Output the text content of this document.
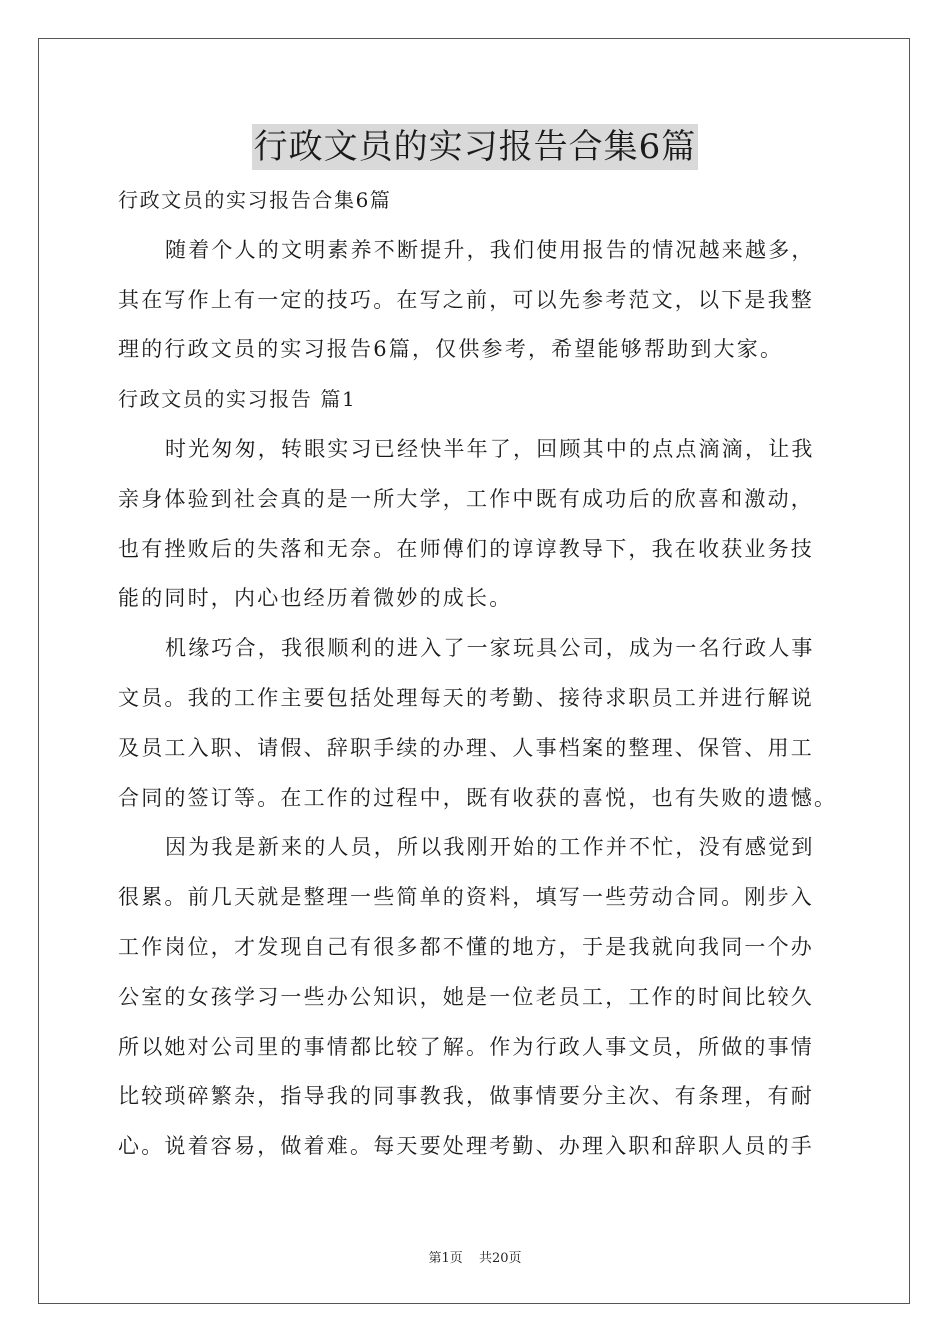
行政文员的实习报告合集6篇
行政文员的实习报告合集6篇
随着个人的文明素养不断提升，我们使用报告的情况越来越多，
其在写作上有一定的技巧。在写之前，可以先参考范文，以下是我整
理的行政文员的实习报告6篇，仅供参考，希望能够帮助到大家。
行政文员的实习报告 篇1
时光匆匆，转眼实习已经快半年了，回顾其中的点点滴滴，让我
亲身体验到社会真的是一所大学，工作中既有成功后的欣喜和激动，
也有挫败后的失落和无奈。在师傅们的谆谆教导下，我在收获业务技
能的同时，内心也经历着微妙的成长。
机缘巧合，我很顺利的进入了一家玩具公司，成为一名行政人事
文员。我的工作主要包括处理每天的考勤、接待求职员工并进行解说
及员工入职、请假、辞职手续的办理、人事档案的整理、保管、用工
合同的签订等。在工作的过程中，既有收获的喜悦，也有失败的遗憾。
因为我是新来的人员，所以我刚开始的工作并不忙，没有感觉到
很累。前几天就是整理一些简单的资料，填写一些劳动合同。刚步入
工作岗位，才发现自己有很多都不懂的地方，于是我就向我同一个办
公室的女孩学习一些办公知识，她是一位老员工，工作的时间比较久
所以她对公司里的事情都比较了解。作为行政人事文员，所做的事情
比较琐碎繁杂，指导我的同事教我，做事情要分主次、有条理，有耐
心。说着容易，做着难。每天要处理考勤、办理入职和辞职人员的手
第1页 共20页
